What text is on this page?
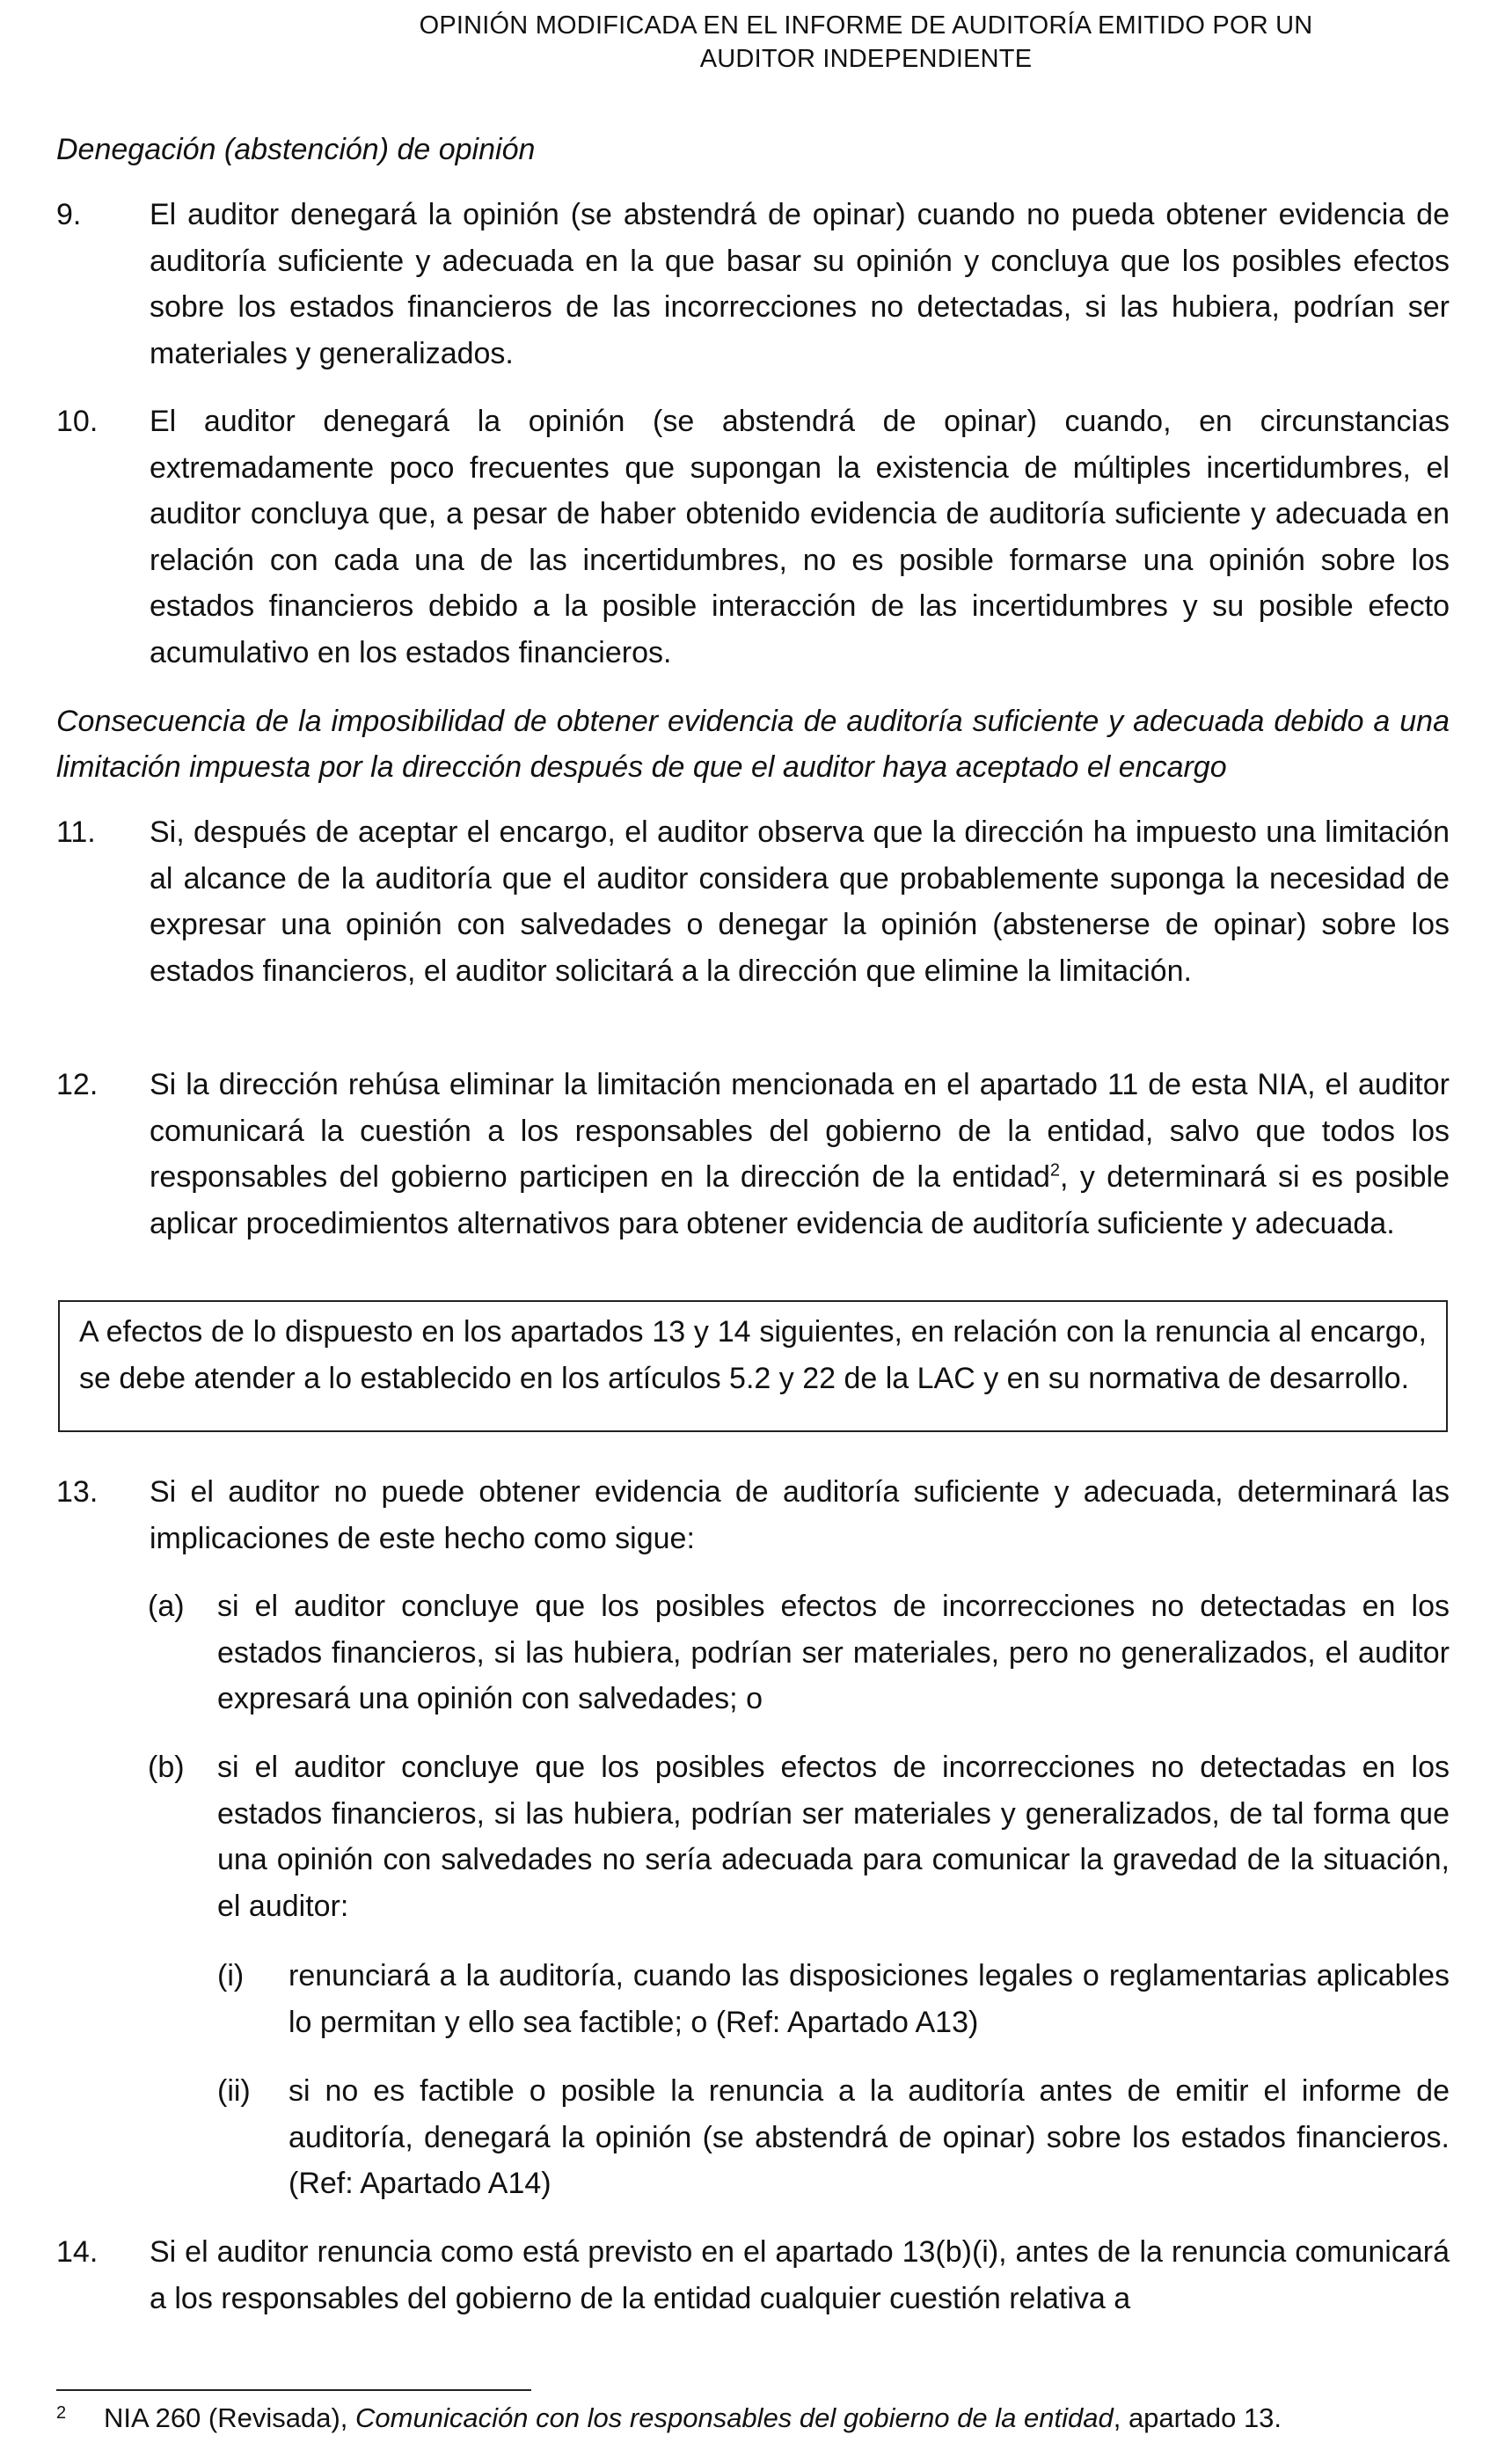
OPINIÓN MODIFICADA EN EL INFORME DE AUDITORÍA EMITIDO POR UN
AUDITOR INDEPENDIENTE
Denegación (abstención) de opinión
9. El auditor denegará la opinión (se abstendrá de opinar) cuando no pueda obtener evidencia de auditoría suficiente y adecuada en la que basar su opinión y concluya que los posibles efectos sobre los estados financieros de las incorrecciones no detectadas, si las hubiera, podrían ser materiales y generalizados.
10. El auditor denegará la opinión (se abstendrá de opinar) cuando, en circunstancias extremadamente poco frecuentes que supongan la existencia de múltiples incertidumbres, el auditor concluya que, a pesar de haber obtenido evidencia de auditoría suficiente y adecuada en relación con cada una de las incertidumbres, no es posible formarse una opinión sobre los estados financieros debido a la posible interacción de las incertidumbres y su posible efecto acumulativo en los estados financieros.
Consecuencia de la imposibilidad de obtener evidencia de auditoría suficiente y adecuada debido a una limitación impuesta por la dirección después de que el auditor haya aceptado el encargo
11. Si, después de aceptar el encargo, el auditor observa que la dirección ha impuesto una limitación al alcance de la auditoría que el auditor considera que probablemente suponga la necesidad de expresar una opinión con salvedades o denegar la opinión (abstenerse de opinar) sobre los estados financieros, el auditor solicitará a la dirección que elimine la limitación.
12. Si la dirección rehúsa eliminar la limitación mencionada en el apartado 11 de esta NIA, el auditor comunicará la cuestión a los responsables del gobierno de la entidad, salvo que todos los responsables del gobierno participen en la dirección de la entidad$^2$, y determinará si es posible aplicar procedimientos alternativos para obtener evidencia de auditoría suficiente y adecuada.
A efectos de lo dispuesto en los apartados 13 y 14 siguientes, en relación con la renuncia al encargo, se debe atender a lo establecido en los artículos 5.2 y 22 de la LAC y en su normativa de desarrollo.
13. Si el auditor no puede obtener evidencia de auditoría suficiente y adecuada, determinará las implicaciones de este hecho como sigue:
(a) si el auditor concluye que los posibles efectos de incorrecciones no detectadas en los estados financieros, si las hubiera, podrían ser materiales, pero no generalizados, el auditor expresará una opinión con salvedades; o
(b) si el auditor concluye que los posibles efectos de incorrecciones no detectadas en los estados financieros, si las hubiera, podrían ser materiales y generalizados, de tal forma que una opinión con salvedades no sería adecuada para comunicar la gravedad de la situación, el auditor:
(i) renunciará a la auditoría, cuando las disposiciones legales o reglamentarias aplicables lo permitan y ello sea factible; o (Ref: Apartado A13)
(ii) si no es factible o posible la renuncia a la auditoría antes de emitir el informe de auditoría, denegará la opinión (se abstendrá de opinar) sobre los estados financieros. (Ref: Apartado A14)
14. Si el auditor renuncia como está previsto en el apartado 13(b)(i), antes de la renuncia comunicará a los responsables del gobierno de la entidad cualquier cuestión relativa a
2 NIA 260 (Revisada), Comunicación con los responsables del gobierno de la entidad, apartado 13.
